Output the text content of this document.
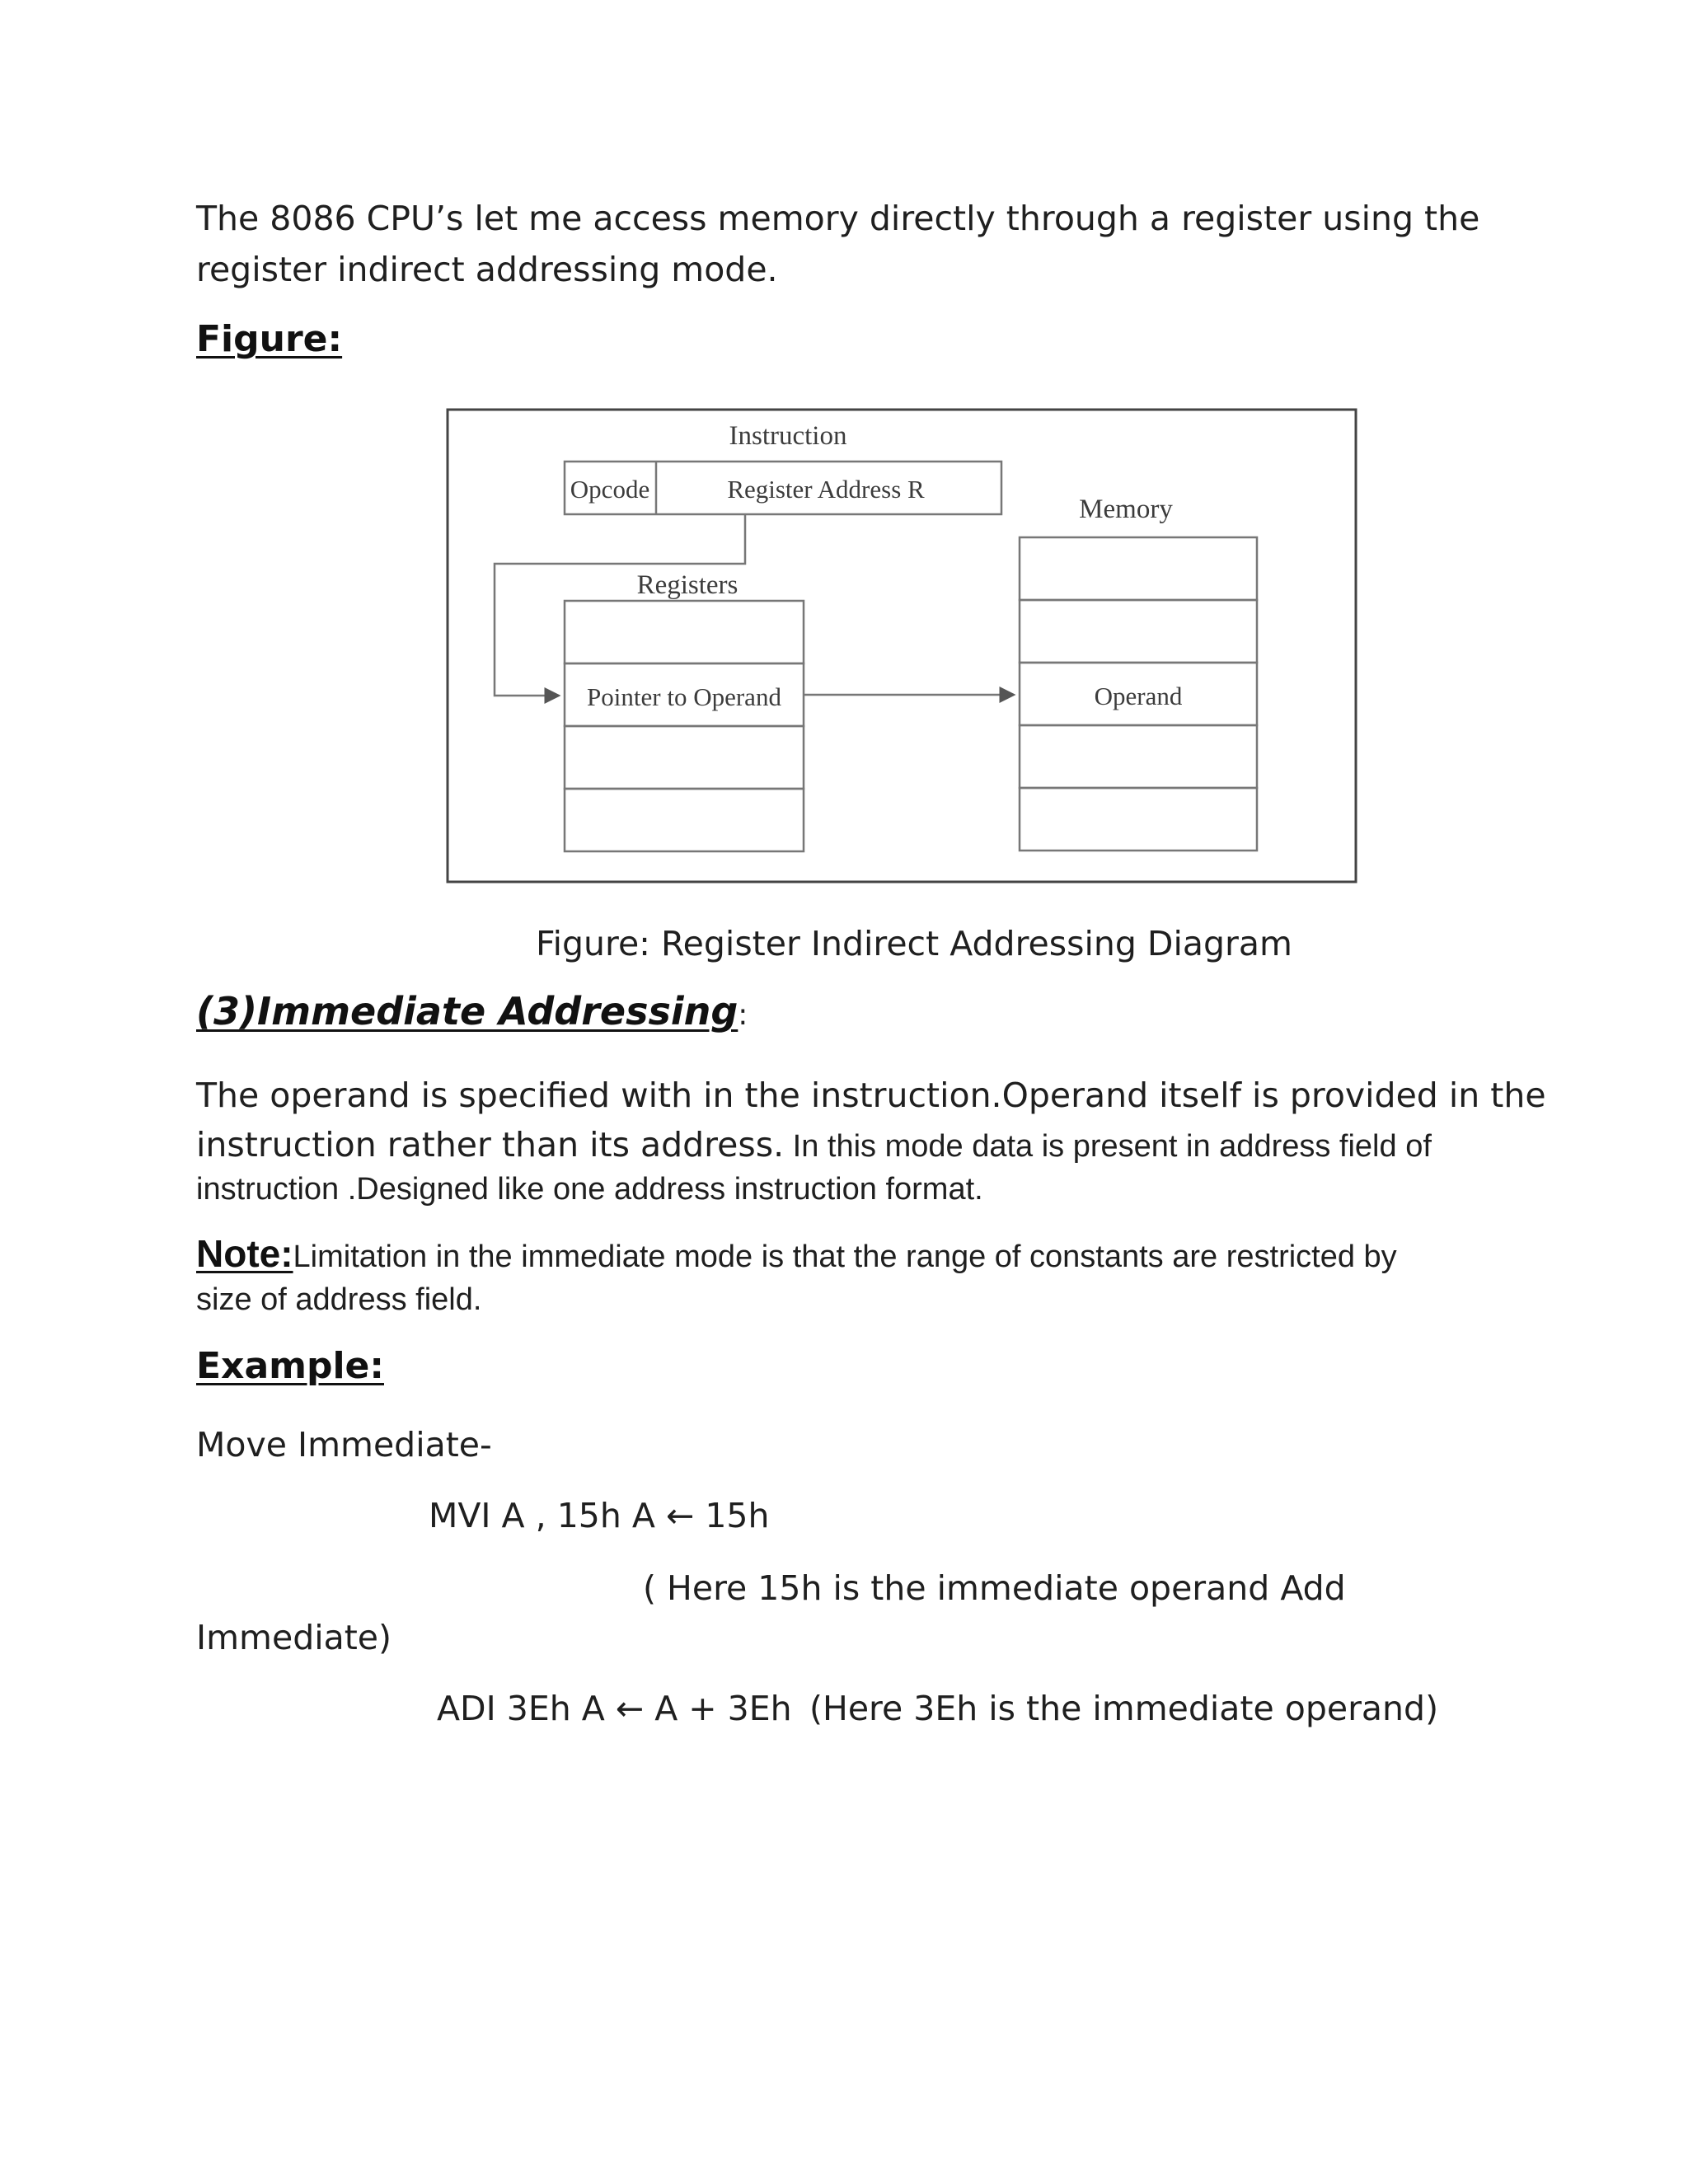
The 8086 CPU’s let me access memory directly through a register using the
register indirect addressing mode.
Figure:
Instruction
Opcode	Register Address R
Registers
Pointer to Operand
Memory
Operand
Figure: Register Indirect Addressing Diagram
(3)Immediate Addressing:
The operand is specified with in the instruction.Operand itself is provided in the
instruction rather than its address. In this mode data is present in address field of
instruction .Designed like one address instruction format.
Note:Limitation in the immediate mode is that the range of constants are restricted by
size of address field.
Example:
Move Immediate-
MVI A , 15h A ← 15h
( Here 15h is the immediate operand Add
Immediate)
ADI 3Eh A ← A + 3Eh (Here 3Eh is the immediate operand)
